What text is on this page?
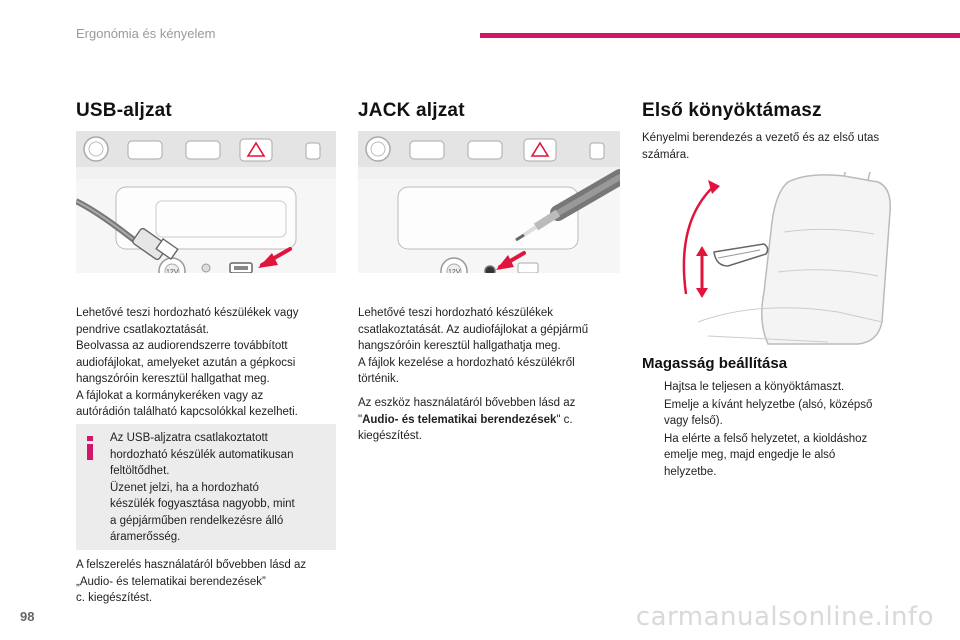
Ergonómia és kényelem
USB-aljzat
12V

Lehetővé teszi hordozható készülékek vagy

pendrive csatlakoztatását.

Beolvassa az audiorendszerre továbbított

audiofájlokat, amelyeket azután a gépkocsi

hangszóróin keresztül hallgathat meg.

A fájlokat a kormánykeréken vagy az

autórádión található kapcsolókkal kezelheti.

Az USB-aljzatra csatlakoztatott

hordozható készülék automatikusan

feltöltődhet.

Üzenet jelzi, ha a hordozható

készülék fogyasztása nagyobb, mint

a gépjárműben rendelkezésre álló

áramerősség.

A felszerelés használatáról bővebben lásd az

„Audio- és telematikai berendezések”

c. kiegészítést.

JACK aljzat
12V

Lehetővé teszi hordozható készülékek

csatlakoztatását. Az audiofájlokat a gépjármű

hangszóróin keresztül hallgathatja meg.

A fájlok kezelése a hordozható készülékről

történik.

Az eszköz használatáról bővebben lásd az

"Audio- és telematikai berendezések" c.

kiegészítést.

Első könyöktámasz

Kényelmi berendezés a vezető és az első utas

számára.

Magasság beállítása
Hajtsa le teljesen a könyöktámaszt.
Emelje a kívánt helyzetbe (alsó, középső
vagy felső).
Ha elérte a felső helyzetet, a kioldáshoz
emelje meg, majd engedje le alsó
helyzetbe.
98	carmanualsonline.info
